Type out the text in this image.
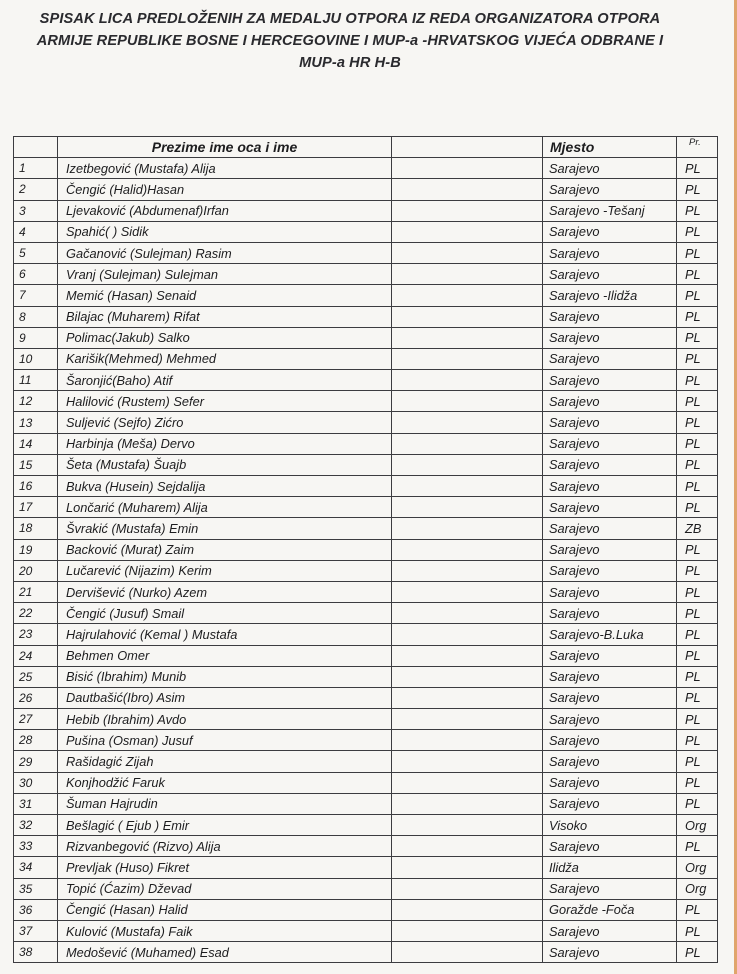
SPISAK LICA PREDLOŽENIH ZA MEDALJU OTPORA IZ REDA ORGANIZATORA OTPORA
ARMIJE REPUBLIKE BOSNE I HERCEGOVINE I MUP-a -HRVATSKOG VIJEĆA ODBRANE I
MUP-a HR H-B
	Prezime ime oca i ime		Mjesto	Pr.
1	Izetbegović (Mustafa) Alija		Sarajevo	PL
2	Čengić (Halid)Hasan		Sarajevo	PL
3	Ljevaković (Abdumenaf)Irfan		Sarajevo -Tešanj	PL
4	Spahić( ) Sidik		Sarajevo	PL
5	Gačanović (Sulejman) Rasim		Sarajevo	PL
6	Vranj (Sulejman) Sulejman		Sarajevo	PL
7	Memić (Hasan) Senaid		Sarajevo -Ilidža	PL
8	Bilajac (Muharem) Rifat		Sarajevo	PL
9	Polimac(Jakub) Salko		Sarajevo	PL
10	Karišik(Mehmed) Mehmed		Sarajevo	PL
11	Šaronjić(Baho) Atif		Sarajevo	PL
12	Halilović (Rustem) Sefer		Sarajevo	PL
13	Suljević (Sejfo) Zićro		Sarajevo	PL
14	Harbinja (Meša) Dervo		Sarajevo	PL
15	Šeta (Mustafa) Šuajb		Sarajevo	PL
16	Bukva (Husein) Sejdalija		Sarajevo	PL
17	Lončarić (Muharem) Alija		Sarajevo	PL
18	Švrakić (Mustafa) Emin		Sarajevo	ZB
19	Backović (Murat) Zaim		Sarajevo	PL
20	Lučarević (Nijazim) Kerim		Sarajevo	PL
21	Dervišević (Nurko) Azem		Sarajevo	PL
22	Čengić (Jusuf) Smail		Sarajevo	PL
23	Hajrulahović (Kemal ) Mustafa		Sarajevo-B.Luka	PL
24	Behmen Omer		Sarajevo	PL
25	Bisić (Ibrahim) Munib		Sarajevo	PL
26	Dautbašić(Ibro) Asim		Sarajevo	PL
27	Hebib (Ibrahim) Avdo		Sarajevo	PL
28	Pušina (Osman) Jusuf		Sarajevo	PL
29	Rašidagić Zijah		Sarajevo	PL
30	Konjhodžić Faruk		Sarajevo	PL
31	Šuman Hajrudin		Sarajevo	PL
32	Bešlagić ( Ejub ) Emir		Visoko	Org
33	Rizvanbegović (Rizvo) Alija		Sarajevo	PL
34	Prevljak (Huso) Fikret		Ilidža	Org
35	Topić (Ćazim) Dževad		Sarajevo	Org
36	Čengić (Hasan) Halid		Goražde -Foča	PL
37	Kulović (Mustafa) Faik		Sarajevo	PL
38	Medošević (Muhamed) Esad		Sarajevo	PL
